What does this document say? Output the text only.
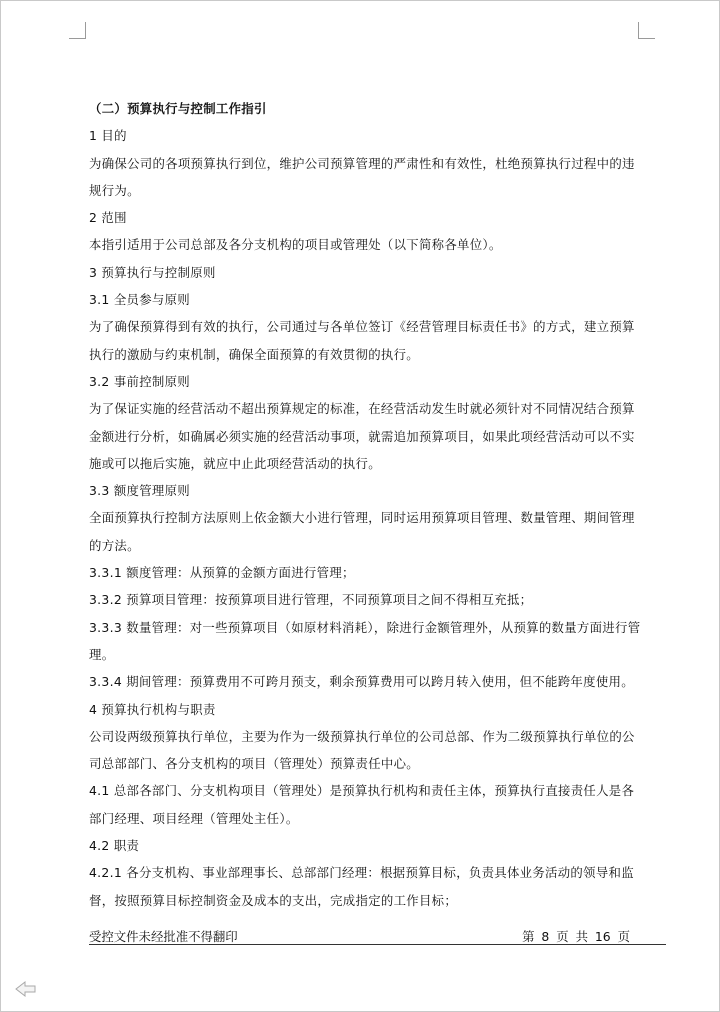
（二）预算执行与控制工作指引

1 目的

为确保公司的各项预算执行到位，维护公司预算管理的严肃性和有效性，杜绝预算执行过程中的违

规行为。

2 范围

本指引适用于公司总部及各分支机构的项目或管理处（以下简称各单位）。

3 预算执行与控制原则

3.1 全员参与原则

为了确保预算得到有效的执行，公司通过与各单位签订《经营管理目标责任书》的方式，建立预算

执行的激励与约束机制，确保全面预算的有效贯彻的执行。

3.2 事前控制原则

为了保证实施的经营活动不超出预算规定的标准，在经营活动发生时就必须针对不同情况结合预算

金额进行分析，如确属必须实施的经营活动事项，就需追加预算项目，如果此项经营活动可以不实

施或可以拖后实施，就应中止此项经营活动的执行。

3.3 额度管理原则

全面预算执行控制方法原则上依金额大小进行管理，同时运用预算项目管理、数量管理、期间管理

的方法。

3.3.1 额度管理：从预算的金额方面进行管理；

3.3.2 预算项目管理：按预算项目进行管理，不同预算项目之间不得相互充抵；

3.3.3 数量管理：对一些预算项目（如原材料消耗），除进行金额管理外，从预算的数量方面进行管

理。

3.3.4 期间管理：预算费用不可跨月预支，剩余预算费用可以跨月转入使用，但不能跨年度使用。

4 预算执行机构与职责

公司设两级预算执行单位，主要为作为一级预算执行单位的公司总部、作为二级预算执行单位的公

司总部部门、各分支机构的项目（管理处）预算责任中心。

4.1 总部各部门、分支机构项目（管理处）是预算执行机构和责任主体，预算执行直接责任人是各

部门经理、项目经理（管理处主任）。

4.2 职责

4.2.1 各分支机构、事业部理事长、总部部门经理：根据预算目标，负责具体业务活动的领导和监

督，按照预算目标控制资金及成本的支出，完成指定的工作目标；

受控文件未经批准不得翻印	第 8 页 共 16 页
